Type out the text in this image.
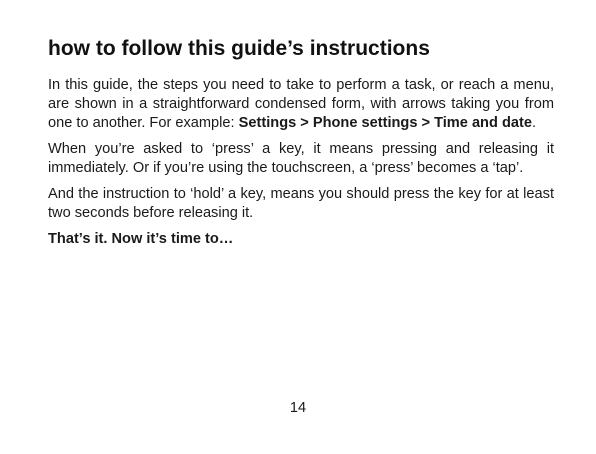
how to follow this guide’s instructions

In this guide, the steps you need to take to perform a task, or reach a menu, are shown in a straightforward condensed form, with arrows taking you from one to another. For example: Settings > Phone settings > Time and date.

When you’re asked to ‘press’ a key, it means pressing and releasing it immediately. Or if you’re using the touchscreen, a ‘press’ becomes a ‘tap’.

And the instruction to ‘hold’ a key, means you should press the key for at least two seconds before releasing it.

That’s it. Now it’s time to…

14
